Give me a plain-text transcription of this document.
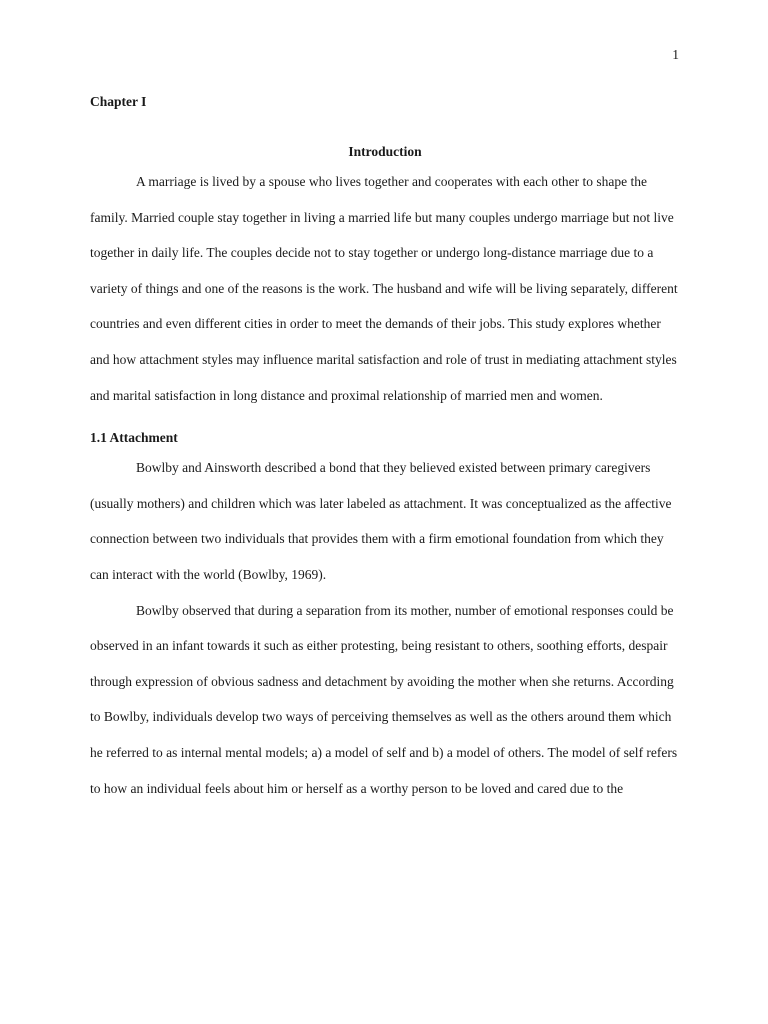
1
Chapter I
Introduction

A marriage is lived by a spouse who lives together and cooperates with each other to shape the family. Married couple stay together in living a married life but many couples undergo marriage but not live together in daily life. The couples decide not to stay together or undergo long-distance marriage due to a variety of things and one of the reasons is the work. The husband and wife will be living separately, different countries and even different cities in order to meet the demands of their jobs. This study explores whether and how attachment styles may influence marital satisfaction and role of trust in mediating attachment styles and marital satisfaction in long distance and proximal relationship of married men and women.

1.1 Attachment

Bowlby and Ainsworth described a bond that they believed existed between primary caregivers (usually mothers) and children which was later labeled as attachment. It was conceptualized as the affective connection between two individuals that provides them with a firm emotional foundation from which they can interact with the world (Bowlby, 1969).

Bowlby observed that during a separation from its mother, number of emotional responses could be observed in an infant towards it such as either protesting, being resistant to others, soothing efforts, despair through expression of obvious sadness and detachment by avoiding the mother when she returns. According to Bowlby, individuals develop two ways of perceiving themselves as well as the others around them which he referred to as internal mental models; a) a model of self and b) a model of others. The model of self refers to how an individual feels about him or herself as a worthy person to be loved and cared due to the
